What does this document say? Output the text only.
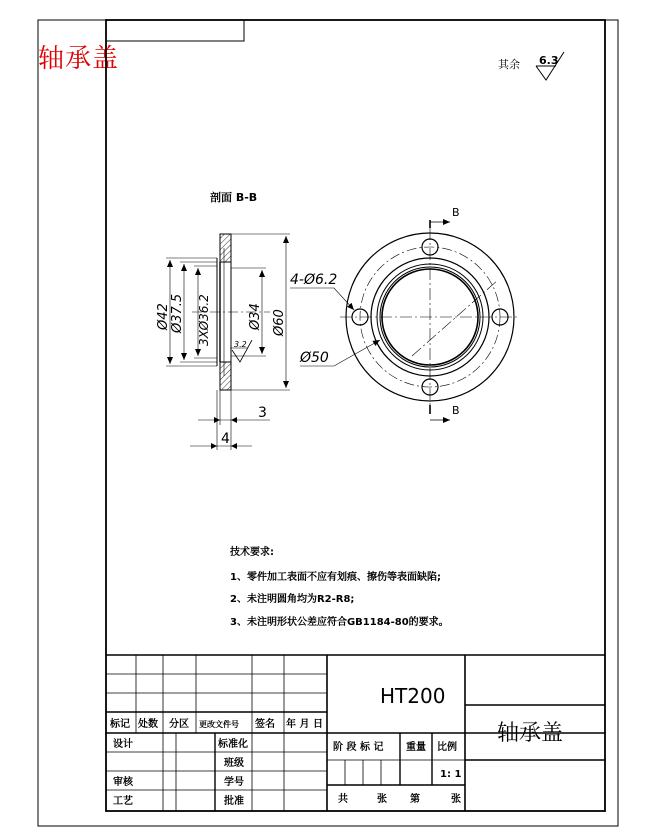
轴承盖	其余 6.3
剖面 B-B
Ø60
Ø34
Ø42 Ø37.5 3XØ36.2	3.2
3
4
B
B
4-Ø6.2
Ø50
技术要求:
1、零件加工表面不应有划痕、擦伤等表面缺陷;
2、未注明圆角均为R2-R8;
3、未注明形状公差应符合GB1184-80的要求。
HT200
轴承盖
标记 处数 分区 更改文件号 签名 年 月 日
设计	标准化
班级
审核	学号
工艺	批准
阶 段 标 记 重量 比例
1: 1
共	张 第	张
